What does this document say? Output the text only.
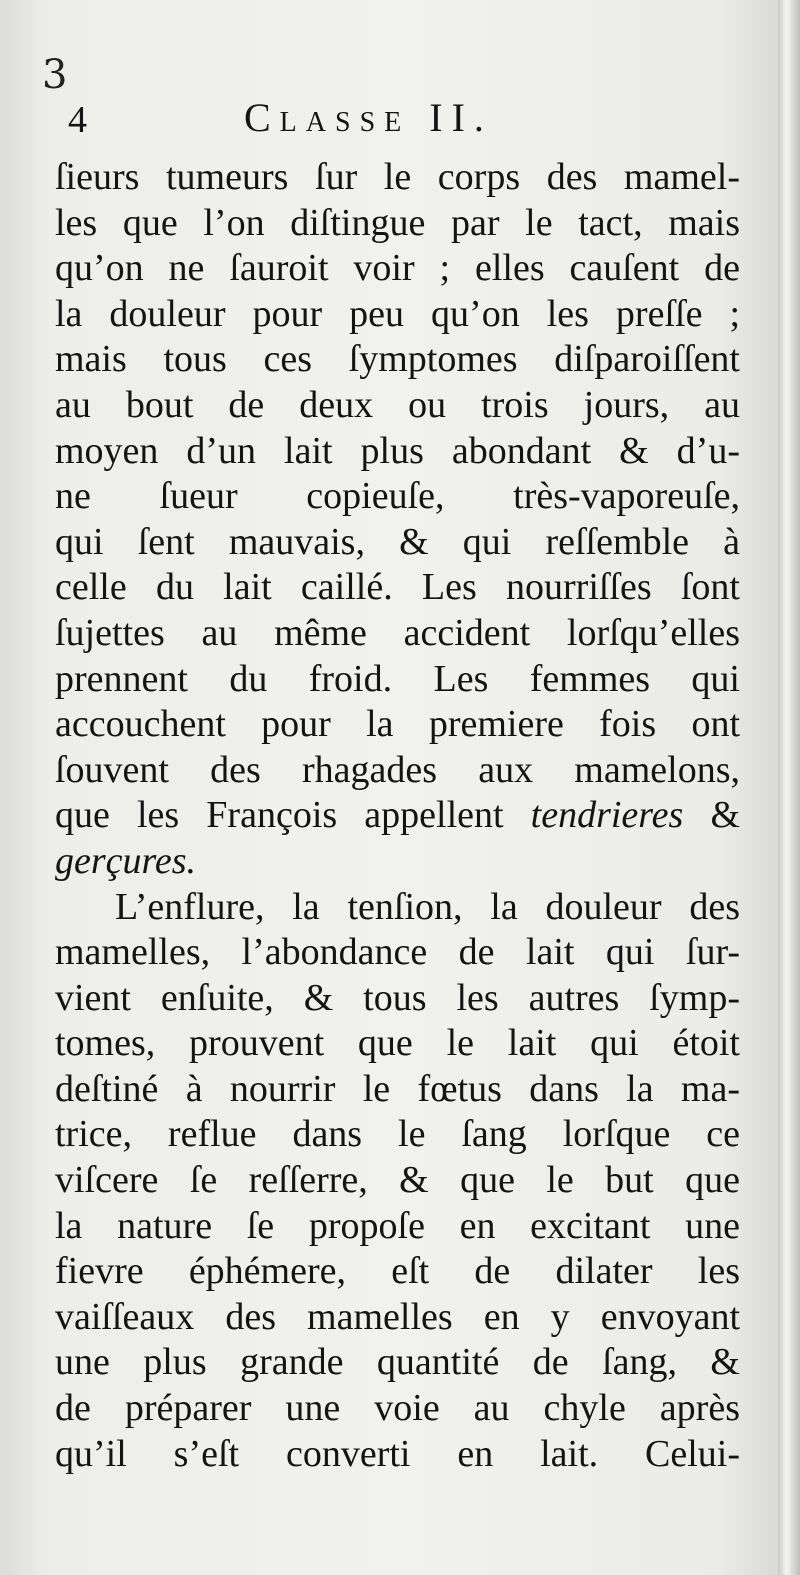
3
4	Classe II.
ſieurs tumeurs ſur le corps des mamel-
les que l’on diſtingue par le tact, mais
qu’on ne ſauroit voir ; elles cauſent de
la douleur pour peu qu’on les preſſe ;
mais tous ces ſymptomes diſparoiſſent
au bout de deux ou trois jours, au
moyen d’un lait plus abondant & d’u-
ne ſueur copieuſe, très-vaporeuſe,
qui ſent mauvais, & qui reſſemble à
celle du lait caillé. Les nourriſſes ſont
ſujettes au même accident lorſqu’elles
prennent du froid. Les femmes qui
accouchent pour la premiere fois ont
ſouvent des rhagades aux mamelons,
que les François appellent tendrieres &
gerçures.
L’enflure, la tenſion, la douleur des
mamelles, l’abondance de lait qui ſur-
vient enſuite, & tous les autres ſymp-
tomes, prouvent que le lait qui étoit
deſtiné à nourrir le fœtus dans la ma-
trice, reflue dans le ſang lorſque ce
viſcere ſe reſſerre, & que le but que
la nature ſe propoſe en excitant une
fievre éphémere, eſt de dilater les
vaiſſeaux des mamelles en y envoyant
une plus grande quantité de ſang, &
de préparer une voie au chyle après
qu’il s’eſt converti en lait. Celui-
